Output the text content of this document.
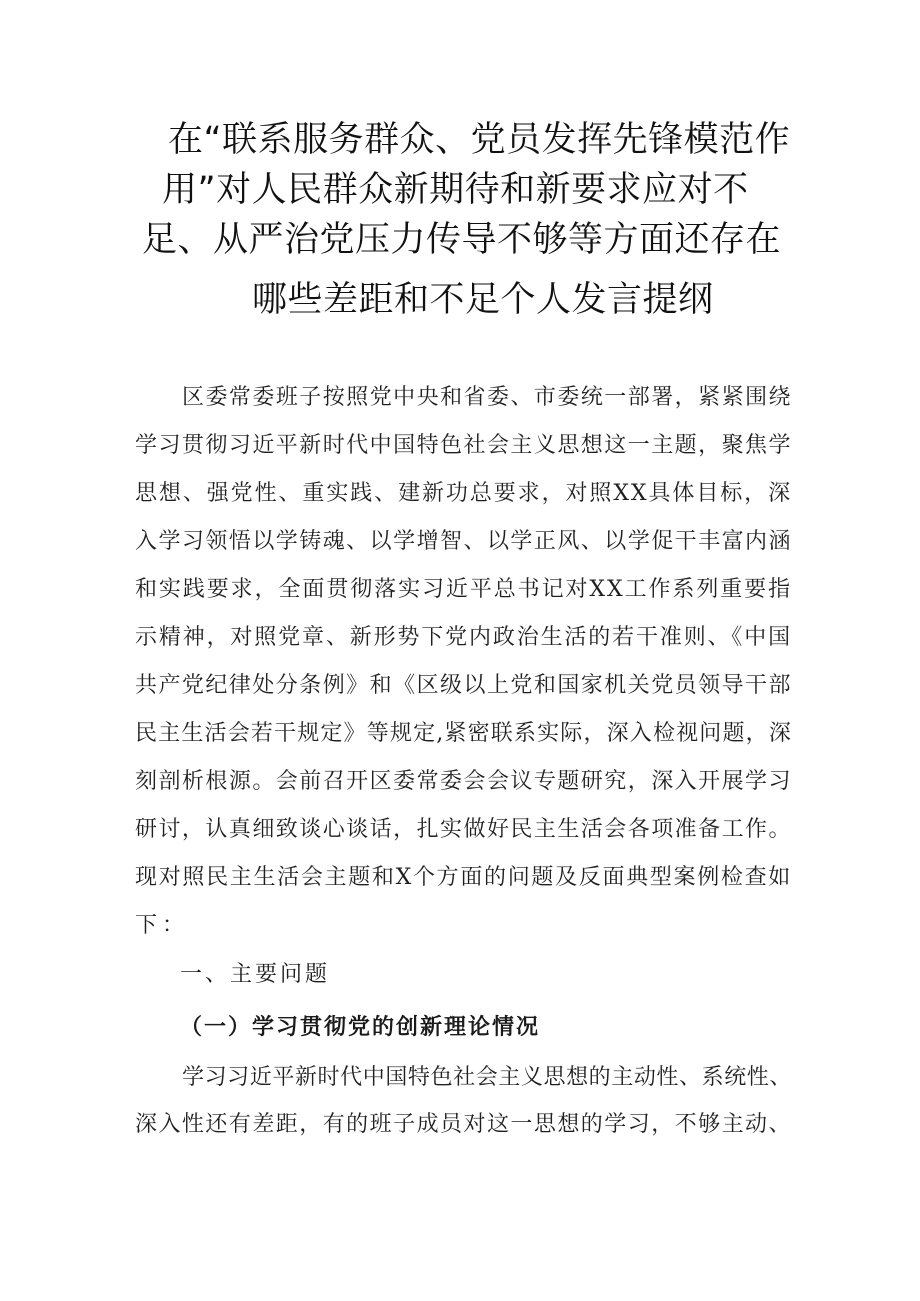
在“联系服务群众、党员发挥先锋模范作
用”对人民群众新期待和新要求应对不
足、从严治党压力传导不够等方面还存在
哪些差距和不足个人发言提纲
区委常委班子按照党中央和省委、市委统一部署，紧紧围绕
学习贯彻习近平新时代中国特色社会主义思想这一主题，聚焦学
思想、强党性、重实践、建新功总要求，对照XX具体目标，深
入学习领悟以学铸魂、以学增智、以学正风、以学促干丰富内涵
和实践要求，全面贯彻落实习近平总书记对XX工作系列重要指
示精神，对照党章、新形势下党内政治生活的若干准则、《中国
共产党纪律处分条例》和《区级以上党和国家机关党员领导干部
民主生活会若干规定》等规定,紧密联系实际，深入检视问题，深
刻剖析根源。会前召开区委常委会会议专题研究，深入开展学习
研讨，认真细致谈心谈话，扎实做好民主生活会各项准备工作。
现对照民主生活会主题和X个方面的问题及反面典型案例检查如
下：
一、主要问题
（一）学习贯彻党的创新理论情况
学习习近平新时代中国特色社会主义思想的主动性、系统性、
深入性还有差距，有的班子成员对这一思想的学习，不够主动、
